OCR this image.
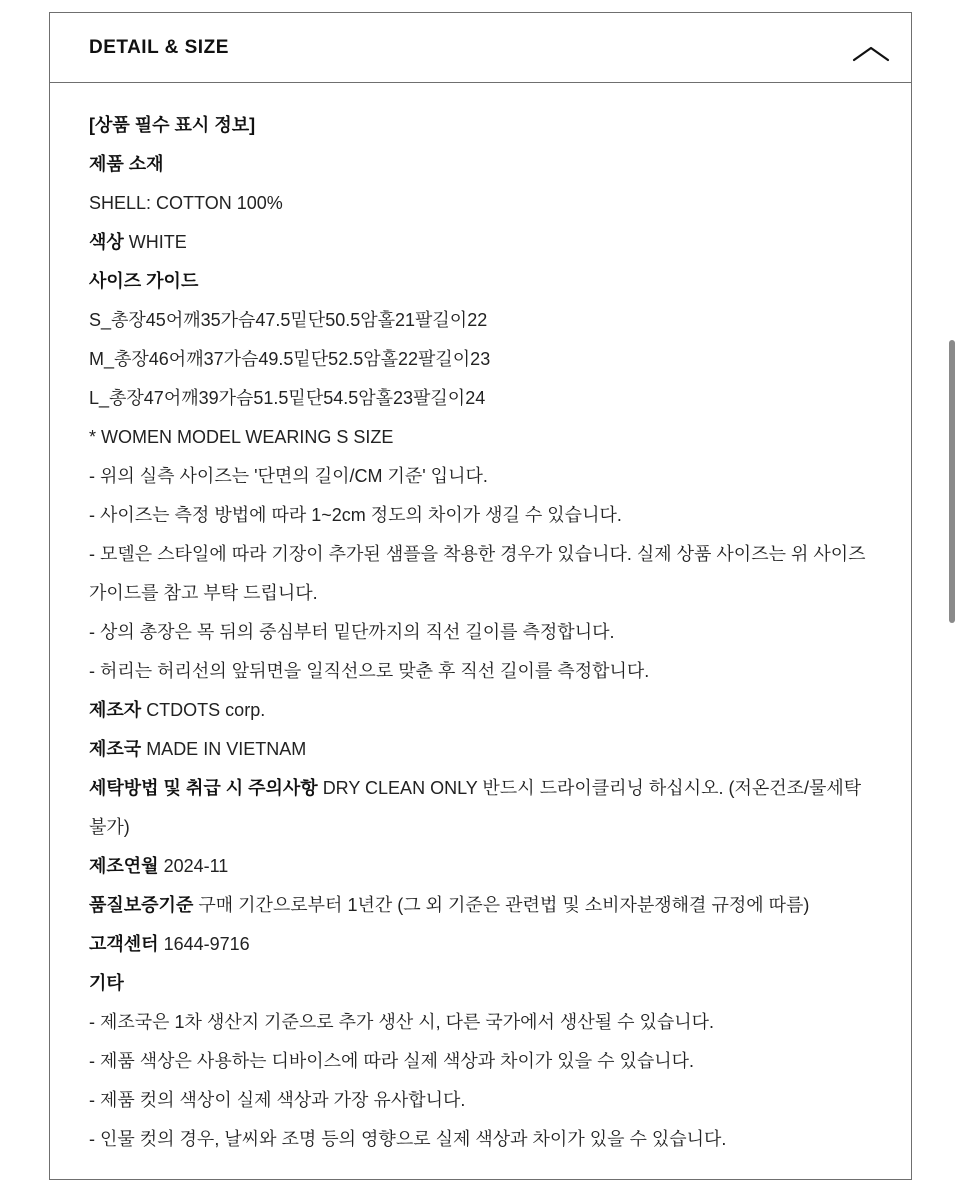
DETAIL & SIZE
[상품 필수 표시 정보]
제품 소재
SHELL: COTTON 100%
색상 WHITE
사이즈 가이드
S_총장45어깨35가슴47.5밑단50.5암홀21팔길이22
M_총장46어깨37가슴49.5밑단52.5암홀22팔길이23
L_총장47어깨39가슴51.5밑단54.5암홀23팔길이24
* WOMEN MODEL WEARING S SIZE
- 위의 실측 사이즈는 '단면의 길이/CM 기준' 입니다.
- 사이즈는 측정 방법에 따라 1~2cm 정도의 차이가 생길 수 있습니다.
- 모델은 스타일에 따라 기장이 추가된 샘플을 착용한 경우가 있습니다. 실제 상품 사이즈는 위 사이즈 가이드를 참고 부탁 드립니다.
- 상의 총장은 목 뒤의 중심부터 밑단까지의 직선 길이를 측정합니다.
- 허리는 허리선의 앞뒤면을 일직선으로 맞춘 후 직선 길이를 측정합니다.
제조자 CTDOTS corp.
제조국 MADE IN VIETNAM
세탁방법 및 취급 시 주의사항 DRY CLEAN ONLY 반드시 드라이클리닝 하십시오. (저온건조/물세탁 불가)
제조연월 2024-11
품질보증기준 구매 기간으로부터 1년간 (그 외 기준은 관련법 및 소비자분쟁해결 규정에 따름)
고객센터 1644-9716
기타
- 제조국은 1차 생산지 기준으로 추가 생산 시, 다른 국가에서 생산될 수 있습니다.
- 제품 색상은 사용하는 디바이스에 따라 실제 색상과 차이가 있을 수 있습니다.
- 제품 컷의 색상이 실제 색상과 가장 유사합니다.
- 인물 컷의 경우, 날씨와 조명 등의 영향으로 실제 색상과 차이가 있을 수 있습니다.
